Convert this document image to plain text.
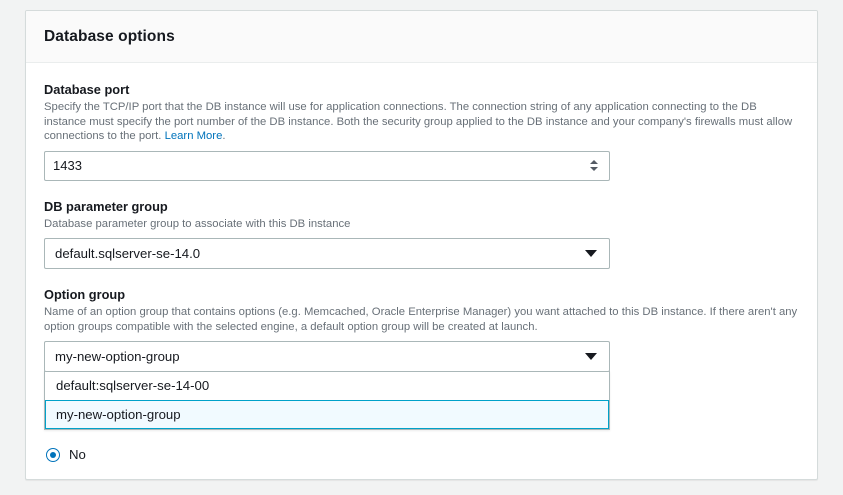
Database options
Database port
Specify the TCP/IP port that the DB instance will use for application connections. The connection string of any application connecting to the DB instance must specify the port number of the DB instance. Both the security group applied to the DB instance and your company's firewalls must allow connections to the port. Learn More.
1433
DB parameter group
Database parameter group to associate with this DB instance
default.sqlserver-se-14.0
Option group
Name of an option group that contains options (e.g. Memcached, Oracle Enterprise Manager) you want attached to this DB instance. If there aren't any option groups compatible with the selected engine, a default option group will be created at launch.
my-new-option-group
default:sqlserver-se-14-00
my-new-option-group
No
